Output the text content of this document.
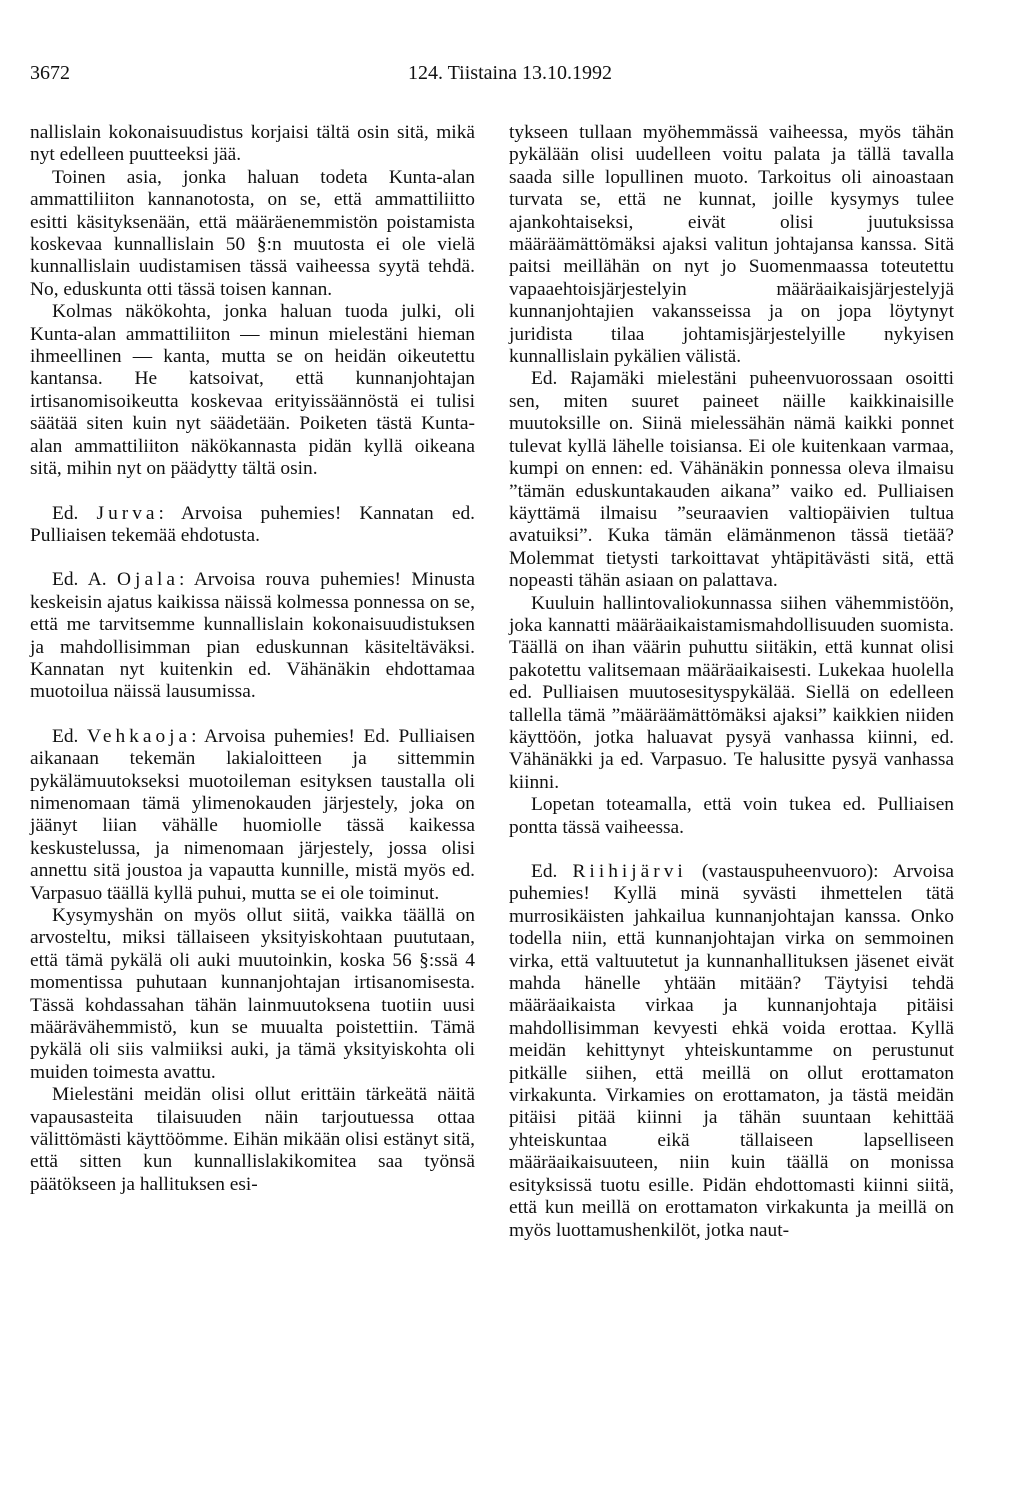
3672	124. Tiistaina 13.10.1992

nallislain kokonaisuudistus korjaisi tältä osin sitä, mikä nyt edelleen puutteeksi jää.

Toinen asia, jonka haluan todeta Kunta-alan ammattiliiton kannanotosta, on se, että ammattiliitto esitti käsityksenään, että määräenemmistön poistamista koskevaa kunnallislain 50 §:n muutosta ei ole vielä kunnallislain uudistamisen tässä vaiheessa syytä tehdä. No, eduskunta otti tässä toisen kannan.

Kolmas näkökohta, jonka haluan tuoda julki, oli Kunta-alan ammattiliiton — minun mielestäni hieman ihmeellinen — kanta, mutta se on heidän oikeutettu kantansa. He katsoivat, että kunnanjohtajan irtisanomisoikeutta koskevaa erityissäännöstä ei tulisi säätää siten kuin nyt säädetään. Poiketen tästä Kunta-alan ammattiliiton näkökannasta pidän kyllä oikeana sitä, mihin nyt on päädytty tältä osin.

Ed. Jurva: Arvoisa puhemies! Kannatan ed. Pulliaisen tekemää ehdotusta.

Ed. A. Ojala: Arvoisa rouva puhemies! Minusta keskeisin ajatus kaikissa näissä kolmessa ponnessa on se, että me tarvitsemme kunnallislain kokonaisuudistuksen ja mahdollisimman pian eduskunnan käsiteltäväksi. Kannatan nyt kuitenkin ed. Vähänäkin ehdottamaa muotoilua näissä lausumissa.

Ed. Vehkaoja: Arvoisa puhemies! Ed. Pulliaisen aikanaan tekemän lakialoitteen ja sittemmin pykälämuutokseksi muotoileman esityksen taustalla oli nimenomaan tämä ylimenokauden järjestely, joka on jäänyt liian vähälle huomiolle tässä kaikessa keskustelussa, ja nimenomaan järjestely, jossa olisi annettu sitä joustoa ja vapautta kunnille, mistä myös ed. Varpasuo täällä kyllä puhui, mutta se ei ole toiminut.

Kysymyshän on myös ollut siitä, vaikka täällä on arvosteltu, miksi tällaiseen yksityiskohtaan puututaan, että tämä pykälä oli auki muutoinkin, koska 56 §:ssä 4 momentissa puhutaan kunnanjohtajan irtisanomisesta. Tässä kohdassahan tähän lainmuutoksena tuotiin uusi määrävähemmistö, kun se muualta poistettiin. Tämä pykälä oli siis valmiiksi auki, ja tämä yksityiskohta oli muiden toimesta avattu.

Mielestäni meidän olisi ollut erittäin tärkeätä näitä vapausasteita tilaisuuden näin tarjoutuessa ottaa välittömästi käyttöömme. Eihän mikään olisi estänyt sitä, että sitten kun kunnallislakikomitea saa työnsä päätökseen ja hallituksen esi-

tykseen tullaan myöhemmässä vaiheessa, myös tähän pykälään olisi uudelleen voitu palata ja tällä tavalla saada sille lopullinen muoto. Tarkoitus oli ainoastaan turvata se, että ne kunnat, joille kysymys tulee ajankohtaiseksi, eivät olisi juutuksissa määräämättömäksi ajaksi valitun johtajansa kanssa. Sitä paitsi meillähän on nyt jo Suomenmaassa toteutettu vapaaehtoisjärjestelyin määräaikaisjärjestelyjä kunnanjohtajien vakansseissa ja on jopa löytynyt juridista tilaa johtamisjärjestelyille nykyisen kunnallislain pykälien välistä.

Ed. Rajamäki mielestäni puheenvuorossaan osoitti sen, miten suuret paineet näille kaikkinaisille muutoksille on. Siinä mielessähän nämä kaikki ponnet tulevat kyllä lähelle toisiansa. Ei ole kuitenkaan varmaa, kumpi on ennen: ed. Vähänäkin ponnessa oleva ilmaisu ”tämän eduskuntakauden aikana” vaiko ed. Pulliaisen käyttämä ilmaisu ”seuraavien valtiopäivien tultua avatuiksi”. Kuka tämän elämänmenon tässä tietää? Molemmat tietysti tarkoittavat yhtäpitävästi sitä, että nopeasti tähän asiaan on palattava.

Kuuluin hallintovaliokunnassa siihen vähemmistöön, joka kannatti määräaikaistamismahdollisuuden suomista. Täällä on ihan väärin puhuttu siitäkin, että kunnat olisi pakotettu valitsemaan määräaikaisesti. Lukekaa huolella ed. Pulliaisen muutosesityspykälää. Siellä on edelleen tallella tämä ”määräämättömäksi ajaksi” kaikkien niiden käyttöön, jotka haluavat pysyä vanhassa kiinni, ed. Vähänäkki ja ed. Varpasuo. Te halusitte pysyä vanhassa kiinni.

Lopetan toteamalla, että voin tukea ed. Pulliaisen pontta tässä vaiheessa.

Ed. Riihijärvi (vastauspuheenvuoro): Arvoisa puhemies! Kyllä minä syvästi ihmettelen tätä murrosikäisten jahkailua kunnanjohtajan kanssa. Onko todella niin, että kunnanjohtajan virka on semmoinen virka, että valtuutetut ja kunnanhallituksen jäsenet eivät mahda hänelle yhtään mitään? Täytyisi tehdä määräaikaista virkaa ja kunnanjohtaja pitäisi mahdollisimman kevyesti ehkä voida erottaa. Kyllä meidän kehittynyt yhteiskuntamme on perustunut pitkälle siihen, että meillä on ollut erottamaton virkakunta. Virkamies on erottamaton, ja tästä meidän pitäisi pitää kiinni ja tähän suuntaan kehittää yhteiskuntaa eikä tällaiseen lapselliseen määräaikaisuuteen, niin kuin täällä on monissa esityksissä tuotu esille. Pidän ehdottomasti kiinni siitä, että kun meillä on erottamaton virkakunta ja meillä on myös luottamushenkilöt, jotka naut-
